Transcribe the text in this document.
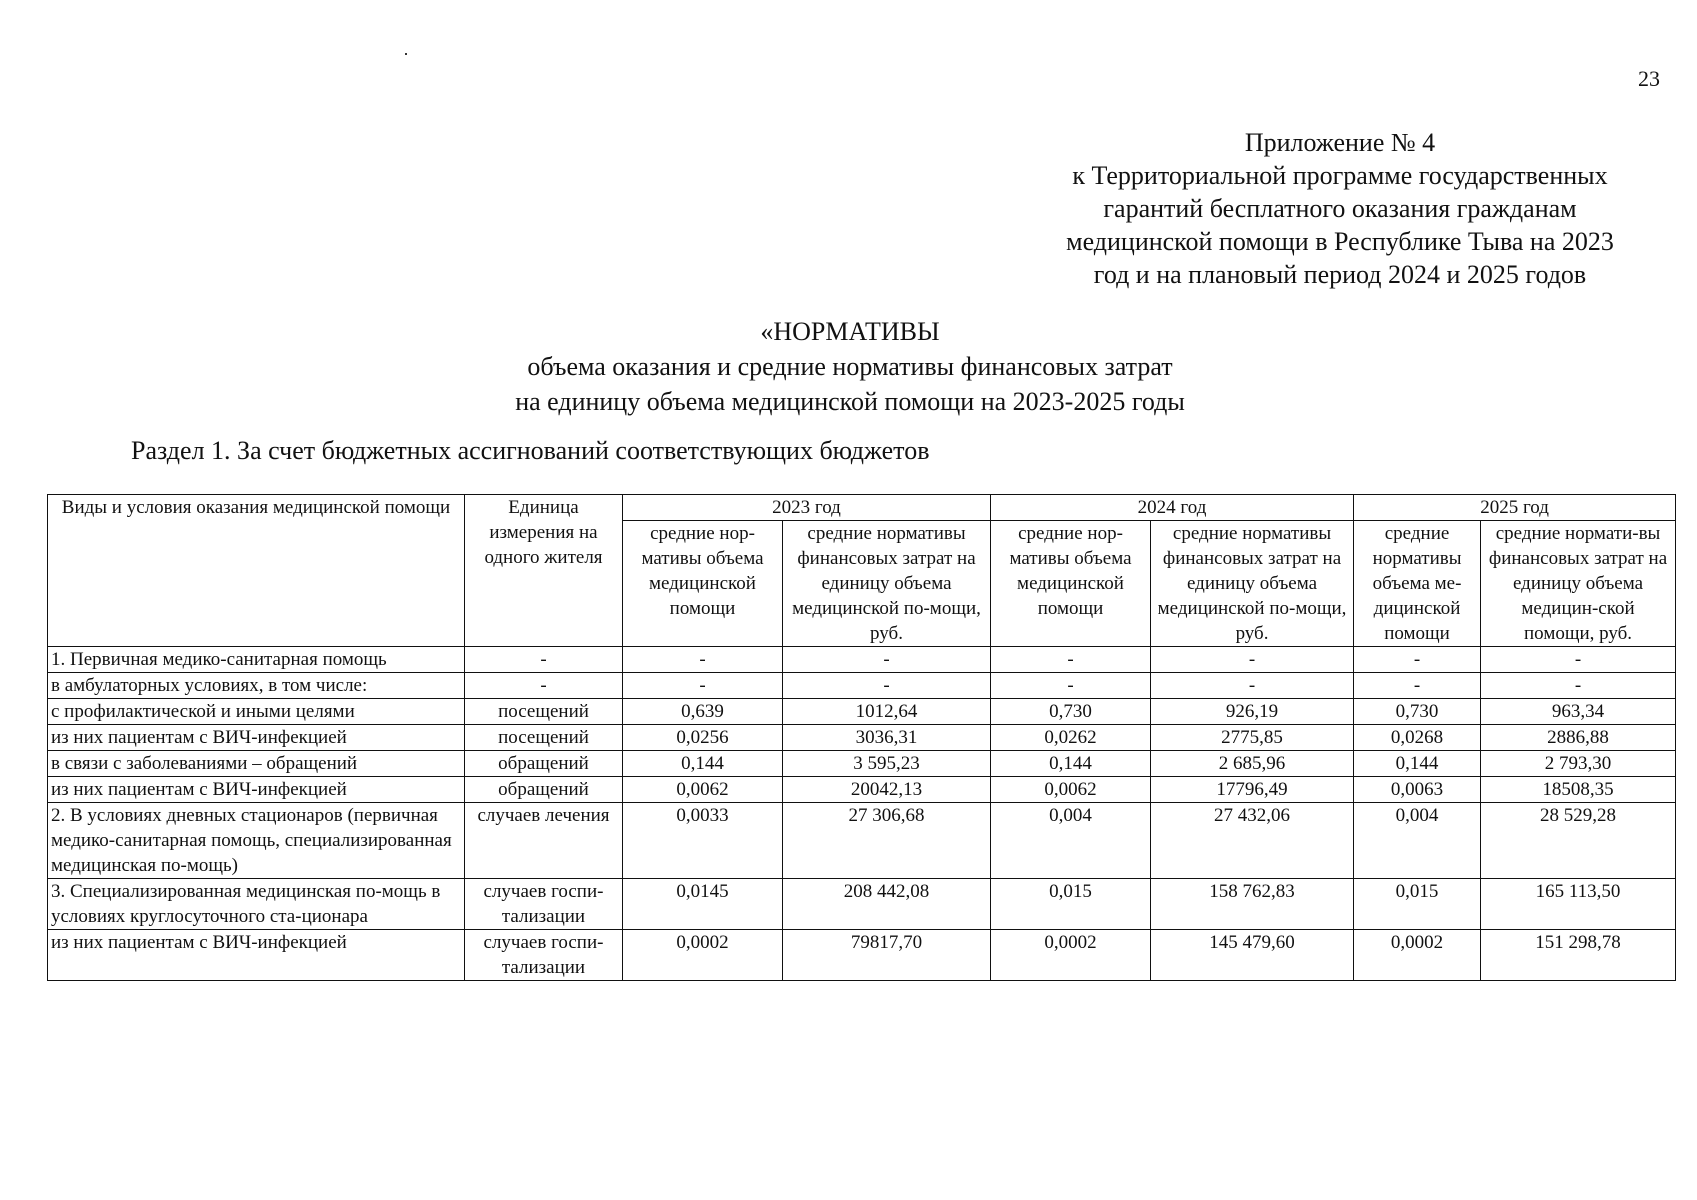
23
Приложение № 4
к Территориальной программе государственных
гарантий бесплатного оказания гражданам
медицинской помощи в Республике Тыва на 2023
год и на плановый период 2024 и 2025 годов
«НОРМАТИВЫ
объема оказания и средние нормативы финансовых затрат
на единицу объема медицинской помощи на 2023-2025 годы
Раздел 1. За счет бюджетных ассигнований соответствующих бюджетов
Виды и условия оказания медицинской помощи	Единица измерения на одного жителя	2023 год		2024 год		2025 год	
		средние нор-мативы объема медицинской помощи	средние нормативы финансовых затрат на единицу объема медицинской по-мощи, руб.	средние нор-мативы объема медицинской помощи	средние нормативы финансовых затрат на единицу объема медицинской по-мощи, руб.	средние нормативы объема ме-дицинской помощи	средние нормати-вы финансовых затрат на единицу объема медицин-ской помощи, руб.
1. Первичная медико-санитарная помощь	-	-	-	-	-	-	-
в амбулаторных условиях, в том числе:	-	-	-	-	-	-	-
с профилактической и иными целями	посещений	0,639	1012,64	0,730	926,19	0,730	963,34
из них пациентам с ВИЧ-инфекцией	посещений	0,0256	3036,31	0,0262	2775,85	0,0268	2886,88
в связи с заболеваниями – обращений	обращений	0,144	3 595,23	0,144	2 685,96	0,144	2 793,30
из них пациентам с ВИЧ-инфекцией	обращений	0,0062	20042,13	0,0062	17796,49	0,0063	18508,35
2. В условиях дневных стационаров (первичная медико-санитарная помощь, специализированная медицинская по-мощь)	случаев лечения	0,0033	27 306,68	0,004	27 432,06	0,004	28 529,28
3. Специализированная медицинская по-мощь в условиях круглосуточного ста-ционара	случаев госпи-тализации	0,0145	208 442,08	0,015	158 762,83	0,015	165 113,50
из них пациентам с ВИЧ-инфекцией	случаев госпи-тализации	0,0002	79817,70	0,0002	145 479,60	0,0002	151 298,78
